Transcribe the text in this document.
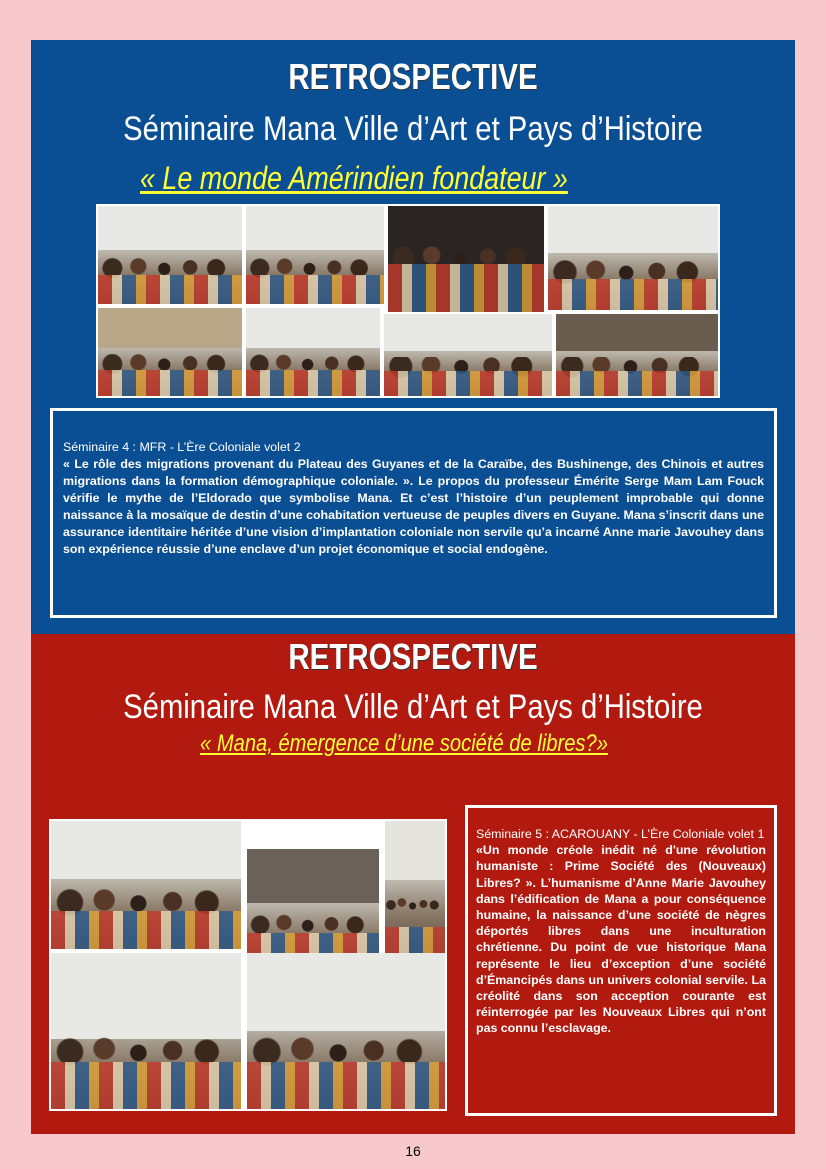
RETROSPECTIVE
Séminaire Mana Ville d’Art et Pays d’Histoire
« Le monde Amérindien fondateur »
Séminaire 4 : MFR - L’Ère Coloniale volet 2
« Le rôle des migrations provenant du Plateau des Guyanes et de la Caraïbe, des Bushinenge, des Chinois et autres migrations dans la formation démographique coloniale. ». Le propos du professeur Émérite Serge Mam Lam Fouck vérifie le mythe de l’Eldorado que symbolise Mana. Et c’est l’histoire d’un peuplement improbable qui donne naissance à la mosaïque de destin d’une cohabitation vertueuse de peuples divers en Guyane. Mana s’inscrit dans une assurance identitaire héritée d’une vision d’implantation coloniale non servile qu’a incarné Anne marie Javouhey dans son expérience réussie d’une enclave d’un projet économique et social endogène.
RETROSPECTIVE
Séminaire Mana Ville d’Art et Pays d’Histoire
« Mana, émergence d’une société de libres?»
Séminaire 5 : ACAROUANY - L’Ère Coloniale volet 1
«Un monde créole inédit né d'une révolution humaniste : Prime Société des (Nouveaux) Libres? ». L’humanisme d’Anne Marie Javouhey dans l’édification de Mana a pour conséquence humaine, la naissance d’une société de nègres déportés libres dans une inculturation chrétienne. Du point de vue historique Mana représente le lieu d’exception d’une société d’Émancipés dans un univers colonial servile. La créolité dans son acception courante est réinterrogée par les Nouveaux Libres qui n’ont pas connu l’esclavage.
16
